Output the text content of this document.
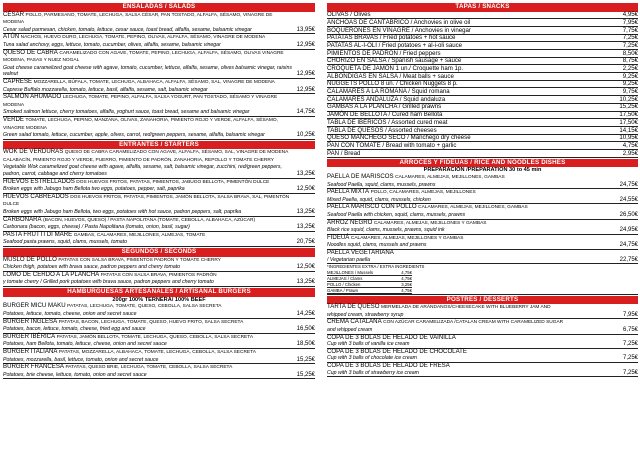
ENSALADAS / SALADS
CÉSAR POLLO, PARMESANO, TOMATE, LECHUGA, SALSA CÉSAR, PAN TOSTADO, ALFALFA, SÉSAMO, VINAGRE DE MODENA
Cesar salad parmesan, chicken, tomato, lettuce, cesar sauce, toast bread, alfalfa, sesame, balsamic vinegar	13,95€
ATÚN NACHOS, HUEVO DURO, LECHUGA, TOMATE, PEPINO, OLIVAS, ALFALFA, SÉSAMO, VINAGRE DE MODENA
Tuna salad anchovy, eggs, lettuce, tomato, cucumber, olives, alfalfa, sesame, balsamic vinegar	12,95€
QUESO DE CABRA CARAMELIZADO CON AGAVE, TOMATE, PEPINO, LECHUGA, ALFALFA, SÉSAMO, OLIVAS VINAGRE MODENA, PASAS Y NUEZ NOGAL
Goat cheese caramelized goat cheese with agave, tomato, cucumber, lettuce, alfalfa, sesame, olives balsamic vinegar, raisins walnut	12,95€
CAPRESE MOZZARELLA, BÚFALA, TOMATE, LECHUGA, ALBAHACA, ALFALFA, SÉSAMO, SAL, VINAGRE DE MODENA
Caprese Buffalo mozzarella, tomato, lettuce, basil, alfalfa, sesame, salt, balsamic vinegar	12,95€
SALMÓN AHUMADO LECHUGA, TOMATE, PEPINO, ALFALFA, SALSA YOGURT, PAN TOSTADO, SÉSAMO Y VINAGRE MODENA
Smoked salmon lettuce, cherry tomatoes, alfalfa, yoghurt sauce, toast bread, sesame and balsamic vinegar	14,75€
VERDE TOMATE, LECHUGA, PEPINO, MANZANA, OLIVAS, ZANAHORIA, PIMIENTO ROJO Y VERDE, ALFALFA, SÉSAMO, VINAGRE MODENA
Green salad tomato, lettuce, cucumber, apple, olives, carrot, red/green peppers, sesame, alfalfa, balsamic vinegar	10,25€
ENTRANTES / STARTERS
WOK DE VERDURAS QUESO DE CABRA CARAMELIZADO CON AGAVE, ALFALFA, SÉSAMO, SAL, VINAGRE DE MODENA CALABACÍN, PIMIENTO ROJO Y VERDE, PUERRO, PIMIENTO DE PADRÓN, ZANAHORIA, REPOLLO Y TOMATE CHERRY
Vegetable Wok caramelized goat cheese with agave, alfalfa, sesame, salt, balsamic vinegar, zucchini, red/green peppers, padron, carrot, cabbage and cherry tomatoes	13,25€
HUEVOS ESTRELLADOS DOS HUEVOS FRITOS, PATATAS, PIMIENTOS, JABUGO BELLOTA, PIMENTÓN DULCE
Broken eggs with Jabugo ham Bellota two eggs, potatoes, pepper, salt, paprika	12,50€
HUEVOS CABREADOS DOS HUEVOS FRITOS, PATATAS, PIMIENTOS, JAMÓN BELLOTA, SALSA BRAVA, SAL, PIMENTÓN DULCE
Broken eggs with Jabugo ham Bellota, two eggs, potatoes with hot sauce, padron peppers, salt, paprika	13,25€
CARBONARA (BACON, HUEVOS, QUESO) / PASTA NAPOLITANA (TOMATE, CEBOLLA, ALBAHACA, AZÚCAR)
Carbonara (bacon, eggs, cheese) / Pasta Napolitana (tomato, onion, basil, sugar)	13,25€
PASTA FRUTTI DI MARE GAMBAS, CALAMARES, MEJILLONES, ALMEJAS, TOMATE
Seafood pasta prawns, squid, clams, mussels, tomato	20,75€
SEGUNDOS / SECONDS
MUSLO DE POLLO PATATAS CON SALSA BRAVA, PIMIENTOS PADRÓN Y TOMATE CHERRY
Chicken thigh, potatoes with brava sauce, padron peppers and cherry tomato	12,50€
LOMO DE CERDO A LA PLANCHA PATATAS CON SALSA BRAVA, PIMIENTOS PADRÓN
y tomate cherry / Grilled pork potatoes with brava sauce, padron peppers and cherry tomato	13,25€
HAMBURGUESAS ARTESANALES / ARTISANAL BURGERS
200gr 100% TERNERA/ 100% BEEF
BURGER MICU MAKU PATATAS, LECHUGA, TOMATE, QUESO, CEBOLLA, SALSA SECRETA
Potatoes, lettuce, tomato, cheese, onion and secret sauce	14,25€
BURGER INGLESA PATATAS, BACON, LECHUGA, TOMATE, QUESO, HUEVO FRITO, SALSA SECRETA
Potatoes, bacon, lettuce, tomato, cheese, fried egg and sauce	16,50€
BURGER IBÉRICA PATATAS, JAMÓN BELLOTA, TOMATE, LECHUGA, QUESO, CEBOLLA, SALSA SECRETA
Potatoes, ham Bellota, tomato, lettuce, cheese, onion and secret sauce	18,50€
BURGER ITALIANA PATATAS, MOZZARELLA, ALBAHACA, TOMATE, LECHUGA, CEBOLLA, SALSA SECRETA
Potatoes, mozzarella, basil, lettuce, tomato, onion and secret sauce	15,25€
BURGER FRANCESA PATATAS, QUESO BRIE, LECHUGA, TOMATE, CEBOLLA, SALSA SECRETA
Potatoes, brie cheese, lettuce, tomato, onion and secret sauce	15,25€
TAPAS / SNACKS
OLIVAS / Olives	4,95€
ANCHOAS DE CANTÁBRICO / Anchovies in olive oil	7,95€
BOQUERONES EN VINAGRE / Anchovies in vinegar	7,75€
PATATAS BRAVAS / Fried potatoes + hot sauce	7,25€
PATATAS AL-I-OLI / Fried potatoes + al-i-oli sauce	7,25€
PIMIENTOS DE PADRÓN / Fried peppers	8,50€
CHORIZO EN SALSA / Spanish sausage + sauce	8,75€
CROQUETA DE JAMÓN 1 un./ Croquette ham 1p.	2,25€
ALBÓNDIGAS EN SALSA / Meat balls + sauce	9,25€
NUGGETS POLLO 8 un. / Chicken Nuggets 8 p.	9,25€
CALAMARES A LA ROMANA / Squid romana	9,75€
CALAMARES ANDALUZA / Squid andaluza	10,25€
GAMBAS A LA PLANCHA / Grilled prawns	15,25€
JAMÓN DE BELLOTA / Cured ham Bellota	17,50€
TABLA DE IBÉRICOS / Assorted cured meat	17,50€
TABLA DE QUESOS / Assorted cheeses	14,15€
QUESO MANCHEGO SECO / Manchego dry cheese	10,95€
PAN CON TOMATE / Bread with tomato + garlic	4,75€
PAN / Bread	2,95€
ARROCES Y FIDEUAS / RICE AND NOODLES DISHES
PREPARACIÓN /PREPARATION 30 to 45 min
PAELLA DE MARISCOS CALAMARES, ALMEJAS, MEJILLONES, GAMBAS
Seafood Paella, squid, clams, mussels, prawns	24,75€
PAELLA MIXTA POLLO, CALAMARES, ALMEJAS, MEJILLONES
Mixed Paella, squid, clams, mussels, chicken	24,55€
PAELLA MARISCO CON POLLO CALAMARES, ALMEJAS, MEJILLONES, GAMBAS
Seafood Paella with chicken, squid, clams, mussels, prawns	26,50€
ARROZ NEGRO CALAMARES, ALMEJAS, MEJILLONES Y GAMBAS
Black rice squid, clams, mussels, prawns, squid ink	24,95€
FIDEUÁ CALAMARES, ALMEJAS, MEJILLONES Y GAMBAS
Noodles squid, clams, mussels and prawns	24,75€
PAELLA VEGETARIANA
/ Vegetarian paella	22,75€
*INGREDIENTES EXTRA / EXTRA INGREDIENTS
MEJILLONES / Mussels	4,75€
ALMEJAS / Clams	4,75€
POLLO / Chicken	3,25€
GAMBA / Prawn	4,75€
POSTRES / DESSERTS
TARTA DE QUESO MERMELADA DE ARÁNDANOS/CHEESECAKE WITH BLUEBERRY JAM AND
whipped cream, strawberry syrup	7,95€
CREMA CATALANA CON AZÚCAR CARAMELIZADA /CATALAN CREAM WITH CARAMELIZED SUGAR
and whipped cream	6,75€
COPA DE 3 BOLAS DE HELADO DE VAINILLA
Cup with 3 balls of vanilla ice cream	7,25€
COPA DE 3 BOLAS DE HELADO DE CHOCOLATE
Cup with 3 balls of chocolate ice cream	7,25€
COPA DE 3 BOLAS DE HELADO DE FRESA
Cup with 3 balls of strawberry ice cream	7,25€
